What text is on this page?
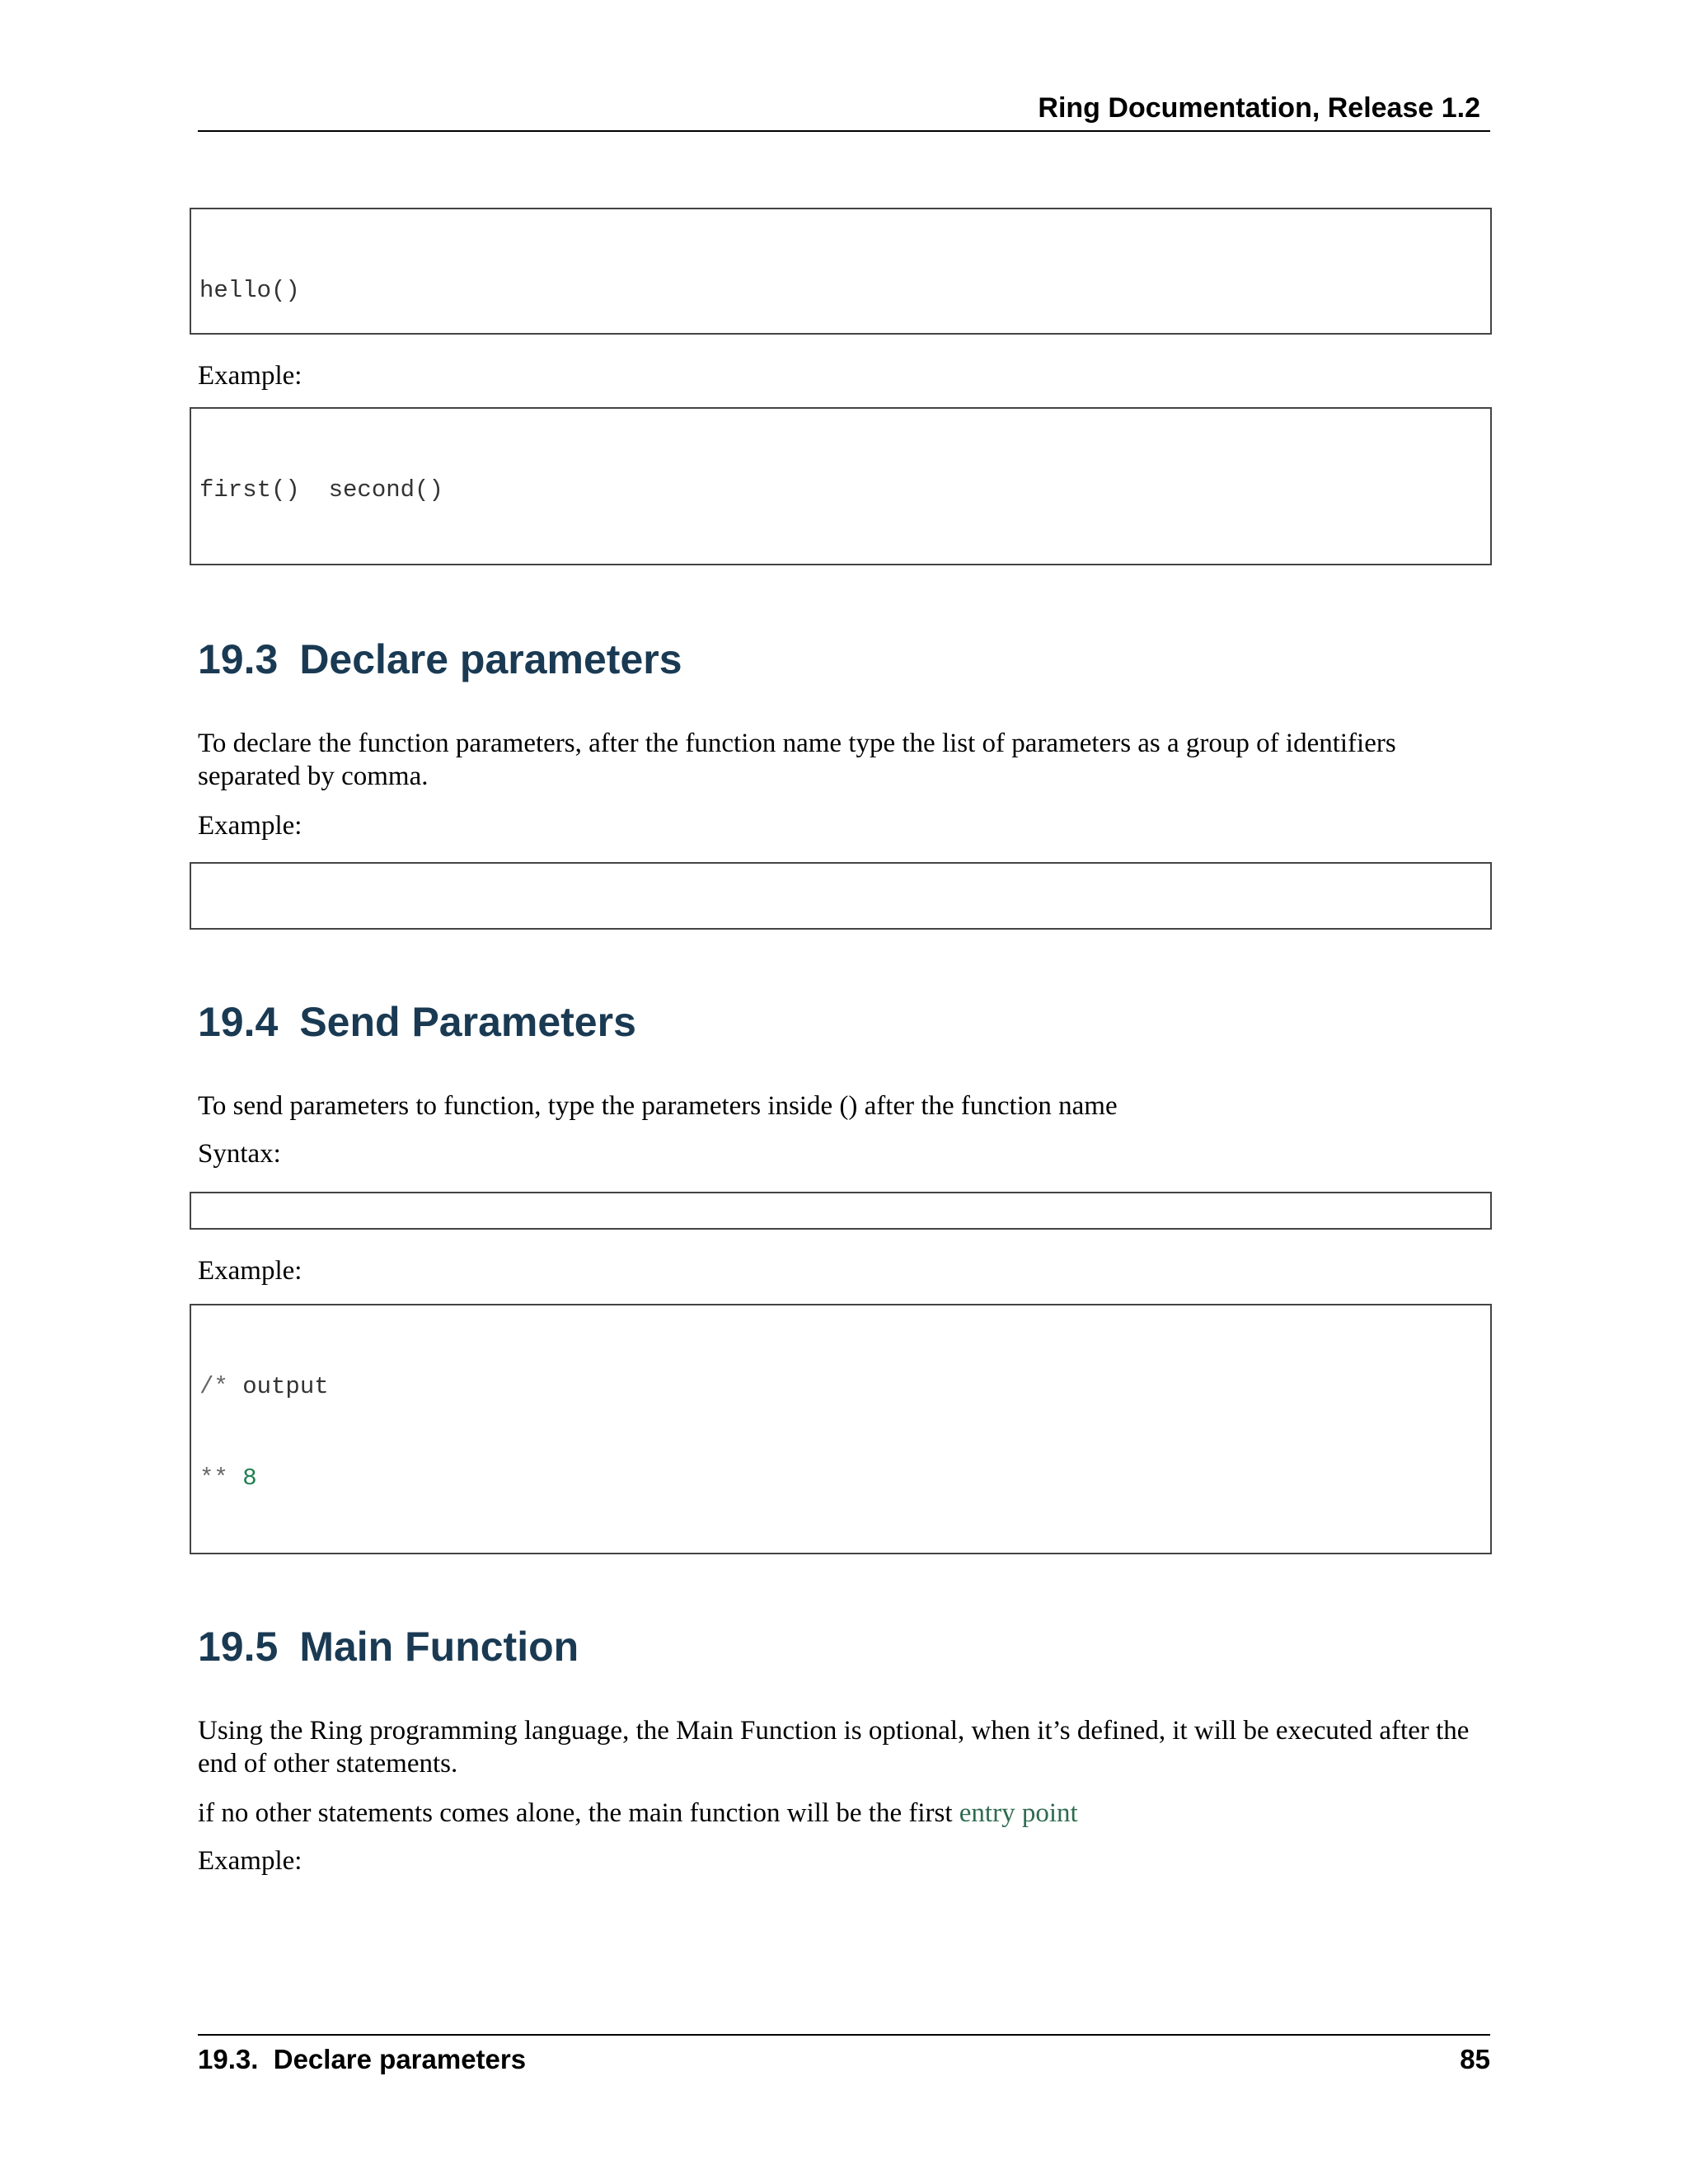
Ring Documentation, Release 1.2

hello()

Example:

first()  second()

19.3 Declare parameters

To declare the function parameters, after the function name type the list of parameters as a group of identifiers separated by comma.

Example:

19.4 Send Parameters

To send parameters to function, type the parameters inside () after the function name

Syntax:

Example:

/* output

** 8

19.5 Main Function

Using the Ring programming language, the Main Function is optional, when it’s defined, it will be executed after the end of other statements.

if no other statements comes alone, the main function will be the first entry point

Example:

19.3.  Declare parameters	85
